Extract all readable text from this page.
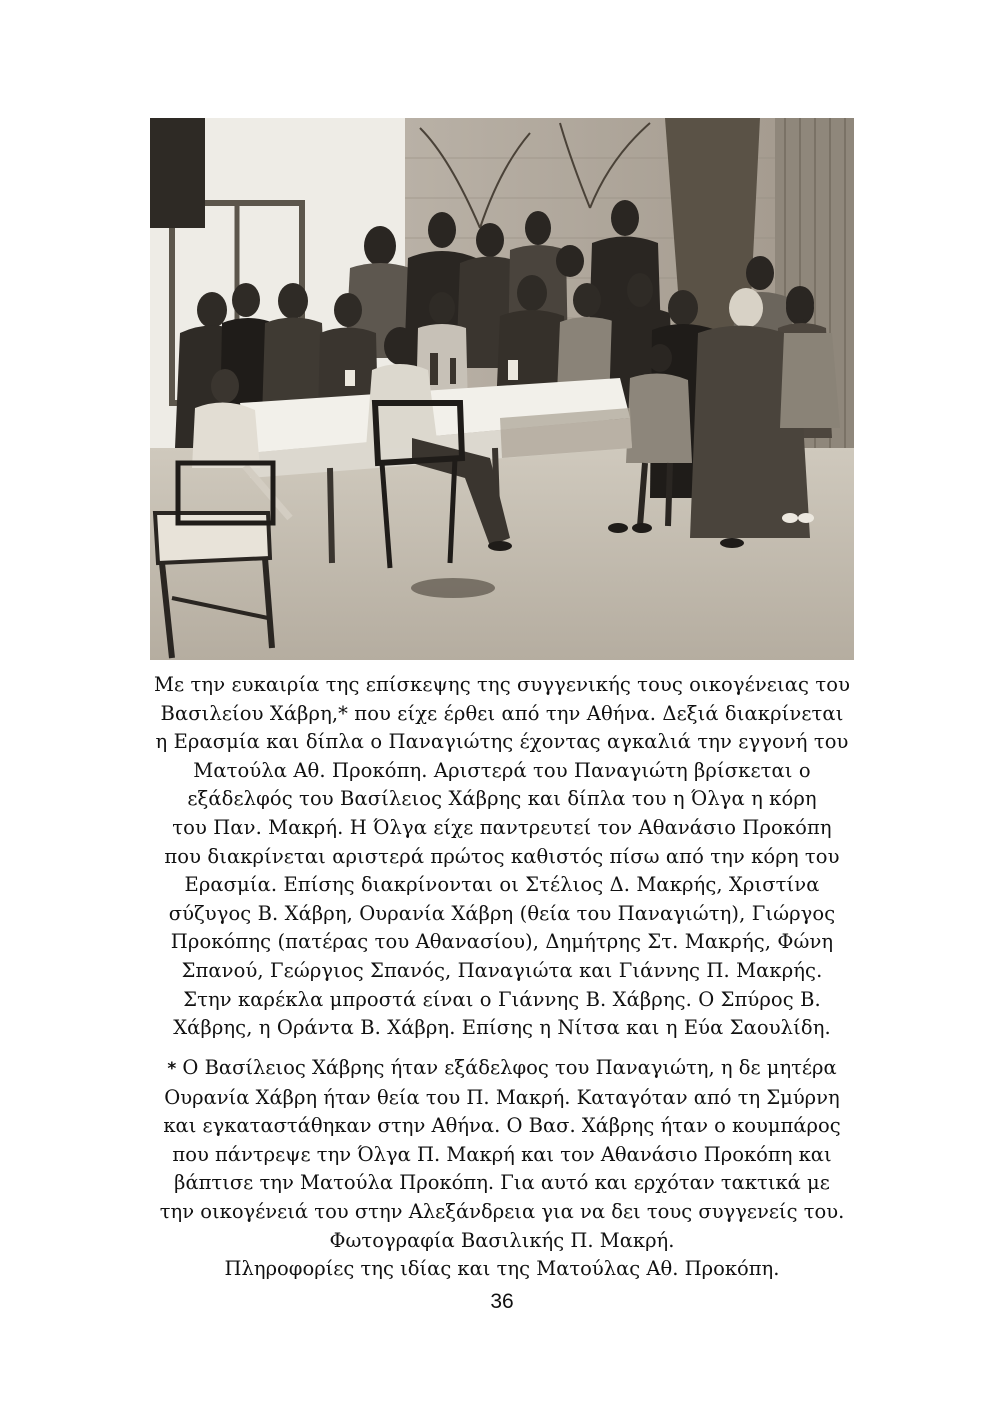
Με την ευκαιρία της επίσκεψης της συγγενικής τους οικογένειας του

Βασιλείου Χάβρη,* που είχε έρθει από την Αθήνα. Δεξιά διακρίνεται

η Ερασμία και δίπλα ο Παναγιώτης έχοντας αγκαλιά την εγγονή του

Ματούλα Αθ. Προκόπη. Αριστερά του Παναγιώτη βρίσκεται ο

εξάδελφός του Βασίλειος Χάβρης και δίπλα του η Όλγα η κόρη

του Παν. Μακρή. Η Όλγα είχε παντρευτεί τον Αθανάσιο Προκόπη

που διακρίνεται αριστερά πρώτος καθιστός πίσω από την κόρη του

Ερασμία. Επίσης διακρίνονται οι Στέλιος Δ. Μακρής, Χριστίνα

σύζυγος Β. Χάβρη, Ουρανία Χάβρη (θεία του Παναγιώτη), Γιώργος

Προκόπης (πατέρας του Αθανασίου), Δημήτρης Στ. Μακρής, Φώνη

Σπανού, Γεώργιος Σπανός, Παναγιώτα και Γιάννης Π. Μακρής.

Στην καρέκλα μπροστά είναι ο Γιάννης Β. Χάβρης. Ο Σπύρος Β.

Χάβρης, η Οράντα Β. Χάβρη. Επίσης η Νίτσα και η Εύα Σαουλίδη.

* Ο Βασίλειος Χάβρης ήταν εξάδελφος του Παναγιώτη, η δε μητέρα

Ουρανία Χάβρη ήταν θεία του Π. Μακρή. Καταγόταν από τη Σμύρνη

και εγκαταστάθηκαν στην Αθήνα. Ο Βασ. Χάβρης ήταν ο κουμπάρος

που πάντρεψε την Όλγα Π. Μακρή και τον Αθανάσιο Προκόπη και

βάπτισε την Ματούλα Προκόπη. Για αυτό και ερχόταν τακτικά με

την οικογένειά του στην Αλεξάνδρεια για να δει τους συγγενείς του.

Φωτογραφία Βασιλικής Π. Μακρή.

Πληροφορίες της ιδίας και της Ματούλας Αθ. Προκόπη.

36
